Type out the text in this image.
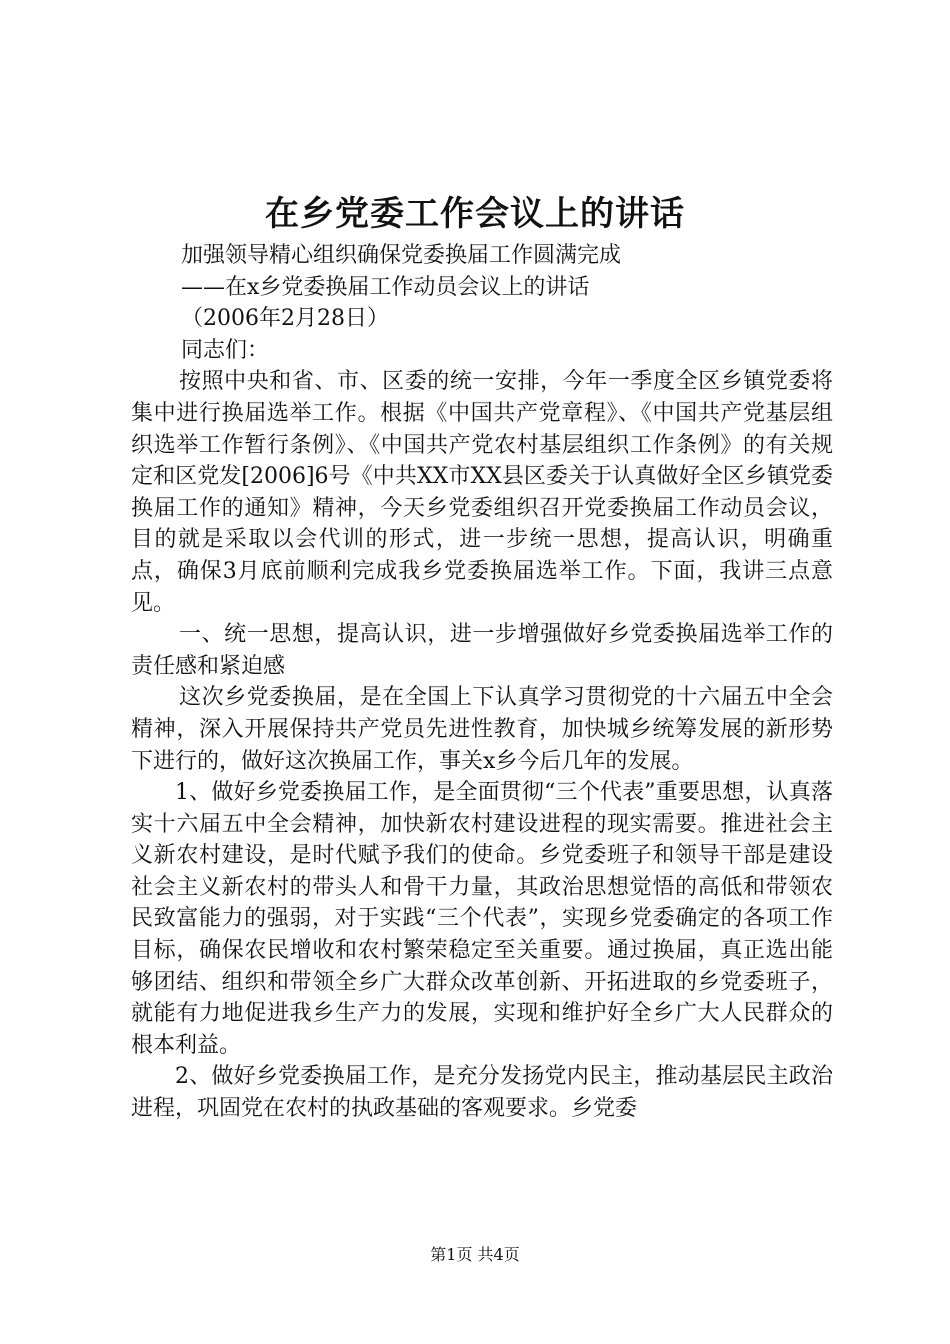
在乡党委工作会议上的讲话

加强领导精心组织确保党委换届工作圆满完成

——在x乡党委换届工作动员会议上的讲话

（2006年2月28日）

同志们：

按照中央和省、市、区委的统一安排，今年一季度全区乡镇党委将集中进行换届选举工作。根据《中国共产党章程》、《中国共产党基层组织选举工作暂行条例》、《中国共产党农村基层组织工作条例》的有关规定和区党发[2006]6号《中共XX市XX县区委关于认真做好全区乡镇党委换届工作的通知》精神，今天乡党委组织召开党委换届工作动员会议，目的就是采取以会代训的形式，进一步统一思想，提高认识，明确重点，确保3月底前顺利完成我乡党委换届选举工作。下面，我讲三点意见。

一、统一思想，提高认识，进一步增强做好乡党委换届选举工作的责任感和紧迫感

这次乡党委换届，是在全国上下认真学习贯彻党的十六届五中全会精神，深入开展保持共产党员先进性教育，加快城乡统筹发展的新形势下进行的，做好这次换届工作，事关x乡今后几年的发展。

1、做好乡党委换届工作，是全面贯彻“三个代表”重要思想，认真落实十六届五中全会精神，加快新农村建设进程的现实需要。推进社会主义新农村建设，是时代赋予我们的使命。乡党委班子和领导干部是建设社会主义新农村的带头人和骨干力量，其政治思想觉悟的高低和带领农民致富能力的强弱，对于实践“三个代表”，实现乡党委确定的各项工作目标，确保农民增收和农村繁荣稳定至关重要。通过换届，真正选出能够团结、组织和带领全乡广大群众改革创新、开拓进取的乡党委班子，就能有力地促进我乡生产力的发展，实现和维护好全乡广大人民群众的根本利益。

2、做好乡党委换届工作，是充分发扬党内民主，推动基层民主政治进程，巩固党在农村的执政基础的客观要求。乡党委

第1页 共4页
